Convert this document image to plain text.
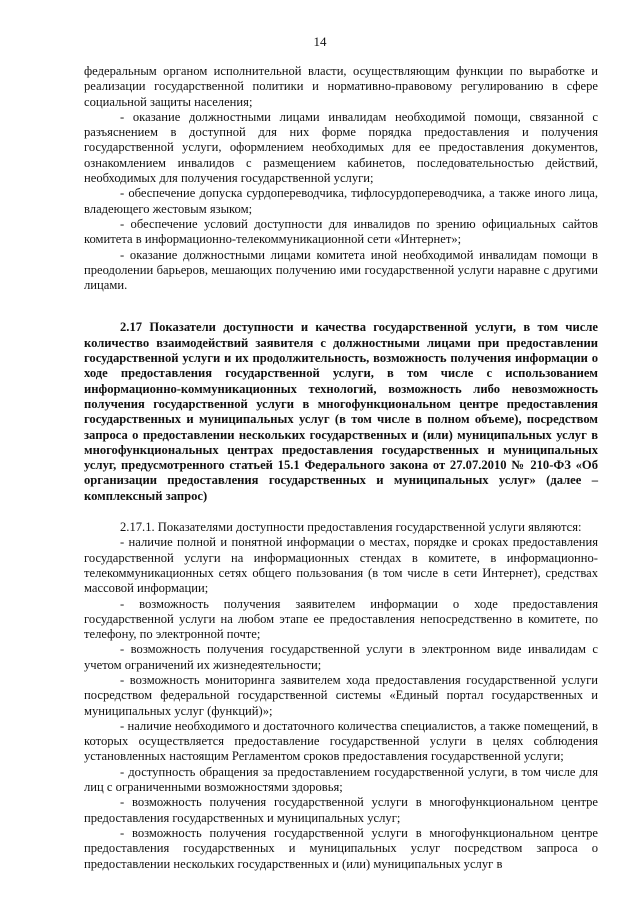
14

федеральным органом исполнительной власти, осуществляющим функции по выработке и реализации государственной политики и нормативно-правовому регулированию в сфере социальной защиты населения;

- оказание должностными лицами инвалидам необходимой помощи, связанной с разъяснением в доступной для них форме порядка предоставления и получения государственной услуги, оформлением необходимых для ее предоставления документов, ознакомлением инвалидов с размещением кабинетов, последовательностью действий, необходимых для получения государственной услуги;

- обеспечение допуска сурдопереводчика, тифлосурдопереводчика, а также иного лица, владеющего жестовым языком;

- обеспечение условий доступности для инвалидов по зрению официальных сайтов комитета в информационно-телекоммуникационной сети «Интернет»;

- оказание должностными лицами комитета иной необходимой инвалидам помощи в преодолении барьеров, мешающих получению ими государственной услуги наравне с другими лицами.

2.17 Показатели доступности и качества государственной услуги, в том числе количество взаимодействий заявителя с должностными лицами при предоставлении государственной услуги и их продолжительность, возможность получения информации о ходе предоставления государственной услуги, в том числе с использованием информационно-коммуникационных технологий, возможность либо невозможность получения государственной услуги в многофункциональном центре предоставления государственных и муниципальных услуг (в том числе в полном объеме), посредством запроса о предоставлении нескольких государственных и (или) муниципальных услуг в многофункциональных центрах предоставления государственных и муниципальных услуг, предусмотренного статьей 15.1 Федерального закона от 27.07.2010 № 210-ФЗ «Об организации предоставления государственных и муниципальных услуг» (далее – комплексный запрос)

2.17.1. Показателями доступности предоставления государственной услуги являются:

- наличие полной и понятной информации о местах, порядке и сроках предоставления государственной услуги на информационных стендах в комитете, в информационно-телекоммуникационных сетях общего пользования (в том числе в сети Интернет), средствах массовой информации;

- возможность получения заявителем информации о ходе предоставления государственной услуги на любом этапе ее предоставления непосредственно в комитете, по телефону, по электронной почте;

- возможность получения государственной услуги в электронном виде инвалидам с учетом ограничений их жизнедеятельности;

- возможность мониторинга заявителем хода предоставления государственной услуги посредством федеральной государственной системы «Единый портал государственных и муниципальных услуг (функций)»;

- наличие необходимого и достаточного количества специалистов, а также помещений, в которых осуществляется предоставление государственной услуги в целях соблюдения установленных настоящим Регламентом сроков предоставления государственной услуги;

- доступность обращения за предоставлением государственной услуги, в том числе для лиц с ограниченными возможностями здоровья;

- возможность получения государственной услуги в многофункциональном центре предоставления государственных и муниципальных услуг;

- возможность получения государственной услуги в многофункциональном центре предоставления государственных и муниципальных услуг посредством запроса о предоставлении нескольких государственных и (или) муниципальных услуг в
